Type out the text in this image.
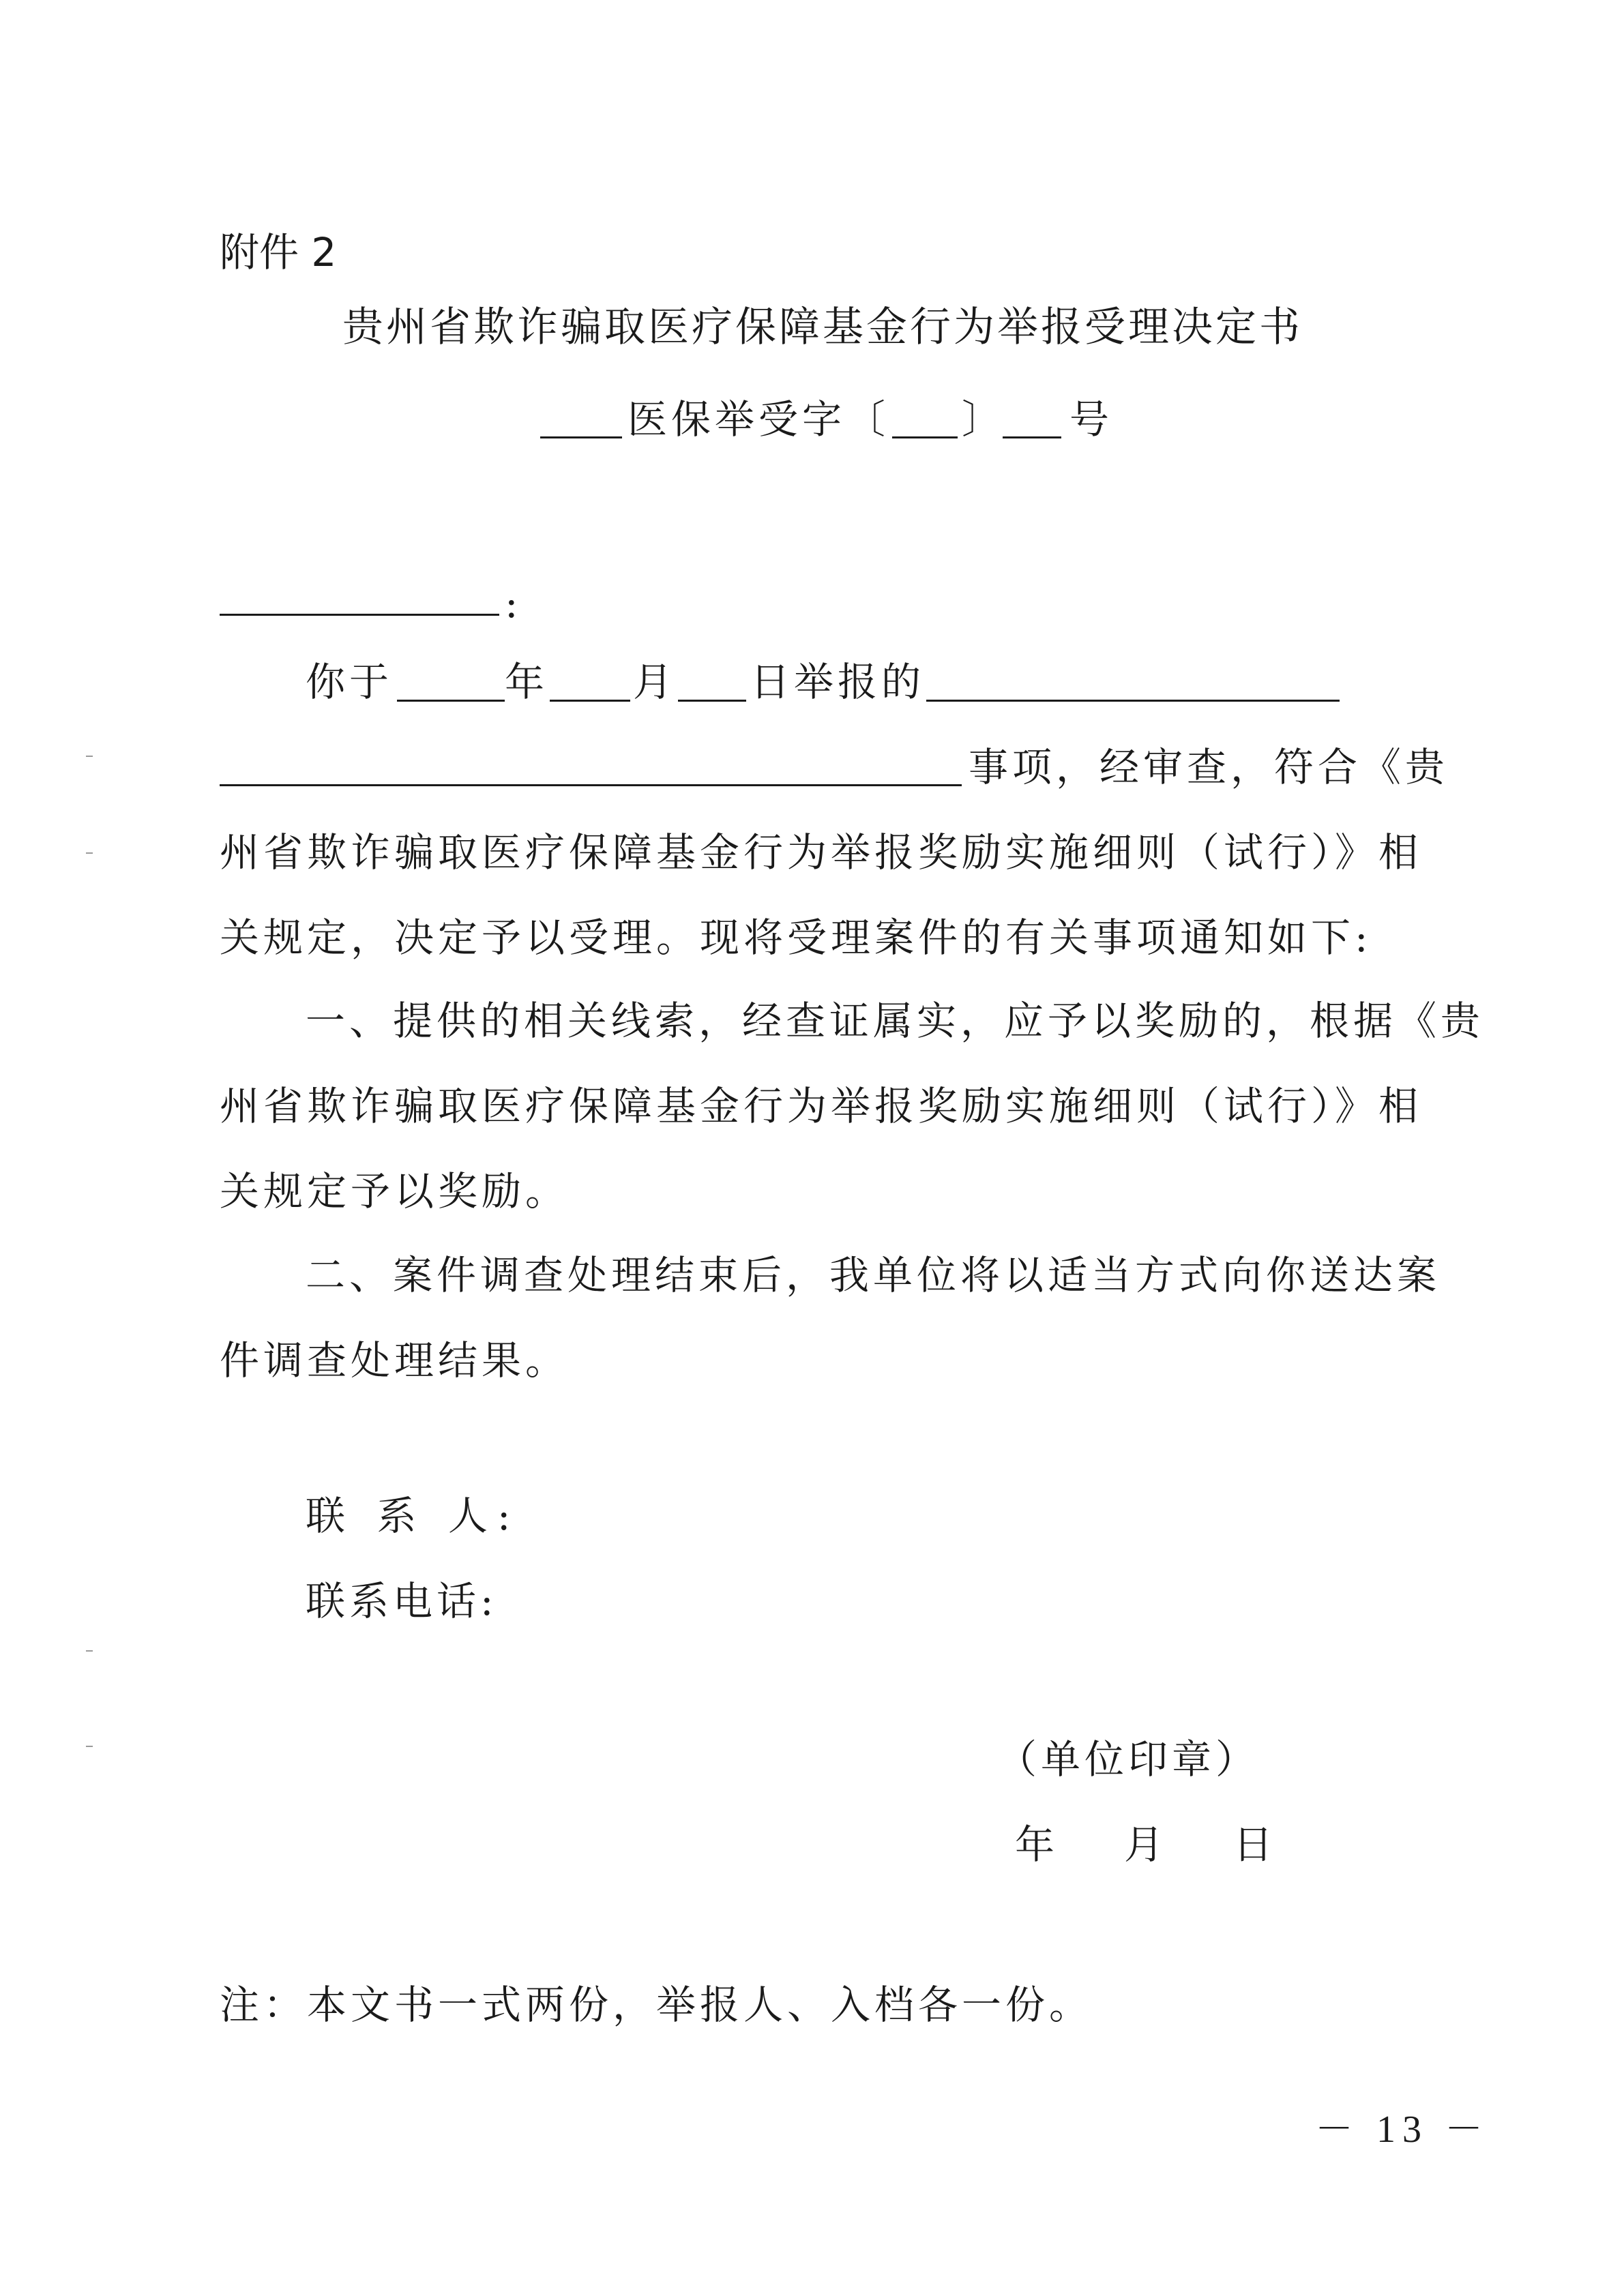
附件 2
贵州省欺诈骗取医疗保障基金行为举报受理决定书
医保举受字〔 〕 号
:
你于	年 月 日举报的
事项，经审查，符合《贵
州省欺诈骗取医疗保障基金行为举报奖励实施细则（试行）》相
关规定，决定予以受理。现将受理案件的有关事项通知如下:
一、提供的相关线索，经查证属实，应予以奖励的，根据《贵
州省欺诈骗取医疗保障基金行为举报奖励实施细则（试行）》相
关规定予以奖励。
二、案件调查处理结束后，我单位将以适当方式向你送达案
件调查处理结果。
联 系 人:
联系电话:
（单位印章）
年　月　日
注：本文书一式两份，举报人、入档各一份。
－ 13 －
